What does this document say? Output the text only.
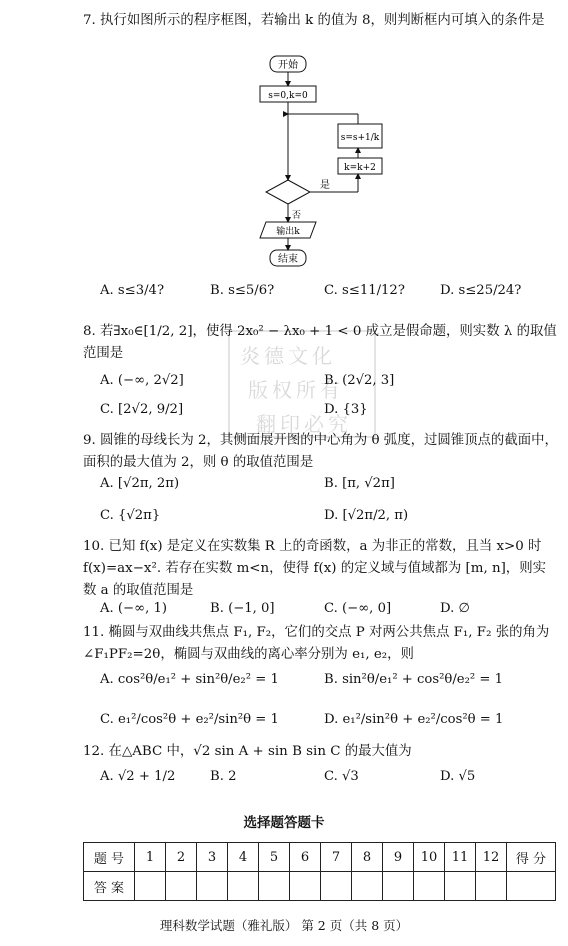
炎德文化
版权所有
翻印必究
7. 执行如图所示的程序框图，若输出 k 的值为 8，则判断框内可填入的条件是
开始
s=0,k=0
s=s+1/k
k=k+2
是
否
输出k
结束
A. s≤3/4?	B. s≤5/6?	C. s≤11/12?	D. s≤25/24?
8. 若∃x₀∈[1/2, 2]，使得 2x₀² − λx₀ + 1 < 0 成立是假命题，则实数 λ 的取值范围是
A. (−∞, 2√2]	B. (2√2, 3]
C. [2√2, 9/2]	D. {3}
9. 圆锥的母线长为 2，其侧面展开图的中心角为 θ 弧度，过圆锥顶点的截面中，面积的最大值为 2，则 θ 的取值范围是
A. [√2π, 2π)	B. [π, √2π]
C. {√2π}	D. [√2π/2, π)
10. 已知 f(x) 是定义在实数集 R 上的奇函数，a 为非正的常数，且当 x>0 时 f(x)=ax−x². 若存在实数 m<n，使得 f(x) 的定义域与值域都为 [m, n]，则实数 a 的取值范围是
A. (−∞, 1)	B. (−1, 0]	C. (−∞, 0]	D. ∅
11. 椭圆与双曲线共焦点 F₁, F₂，它们的交点 P 对两公共焦点 F₁, F₂ 张的角为∠F₁PF₂=2θ，椭圆与双曲线的离心率分别为 e₁, e₂，则
A. cos²θ/e₁² + sin²θ/e₂² = 1	B. sin²θ/e₁² + cos²θ/e₂² = 1
C. e₁²/cos²θ + e₂²/sin²θ = 1	D. e₁²/sin²θ + e₂²/cos²θ = 1
12. 在△ABC 中，√2 sin A + sin B sin C 的最大值为
A. √2 + 1/2	B. 2	C. √3	D. √5
选择题答题卡
题 号	1	2	3	4	5	6	7	8	9	10	11	12	得 分
答 案													
理科数学试题（雅礼版） 第 2 页（共 8 页）
